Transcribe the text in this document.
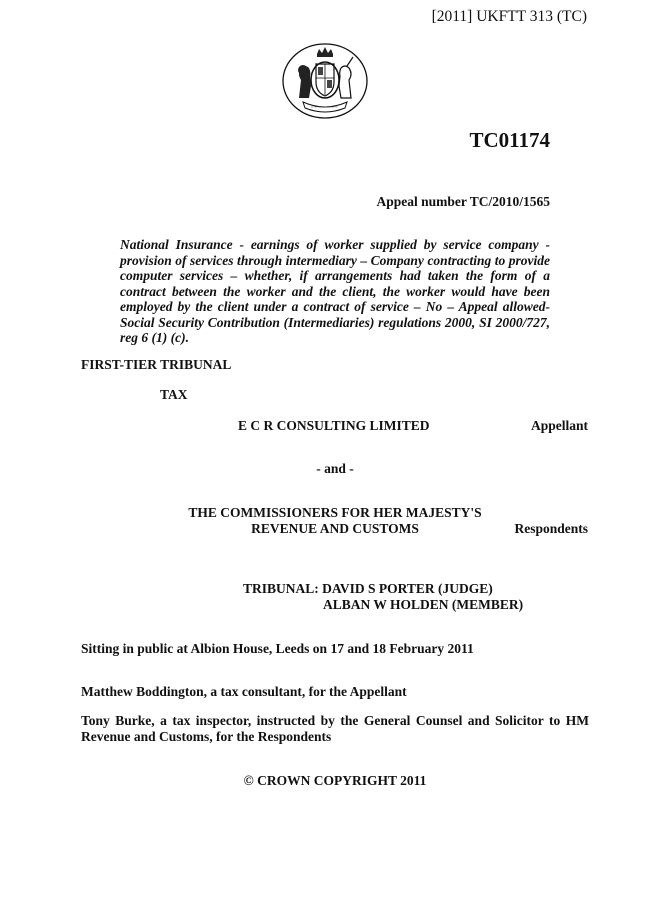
[2011] UKFTT 313 (TC)
TC01174
Appeal number TC/2010/1565
National Insurance - earnings of worker supplied by service company - provision of services through intermediary – Company contracting to provide computer services – whether, if arrangements had taken the form of a contract between the worker and the client, the worker would have been employed by the client under a contract of service – No – Appeal allowed- Social Security Contribution (Intermediaries) regulations 2000, SI 2000/727, reg 6 (1) (c).
FIRST-TIER TRIBUNAL
TAX
E C R CONSULTING LIMITED	Appellant
- and -
THE COMMISSIONERS FOR HER MAJESTY'S
REVENUE AND CUSTOMS	Respondents
TRIBUNAL: DAVID S PORTER (JUDGE)
ALBAN W HOLDEN (MEMBER)
Sitting in public at Albion House, Leeds on 17 and 18 February 2011
Matthew Boddington, a tax consultant, for the Appellant
Tony Burke, a tax inspector, instructed by the General Counsel and Solicitor to HM Revenue and Customs, for the Respondents
© CROWN COPYRIGHT 2011
